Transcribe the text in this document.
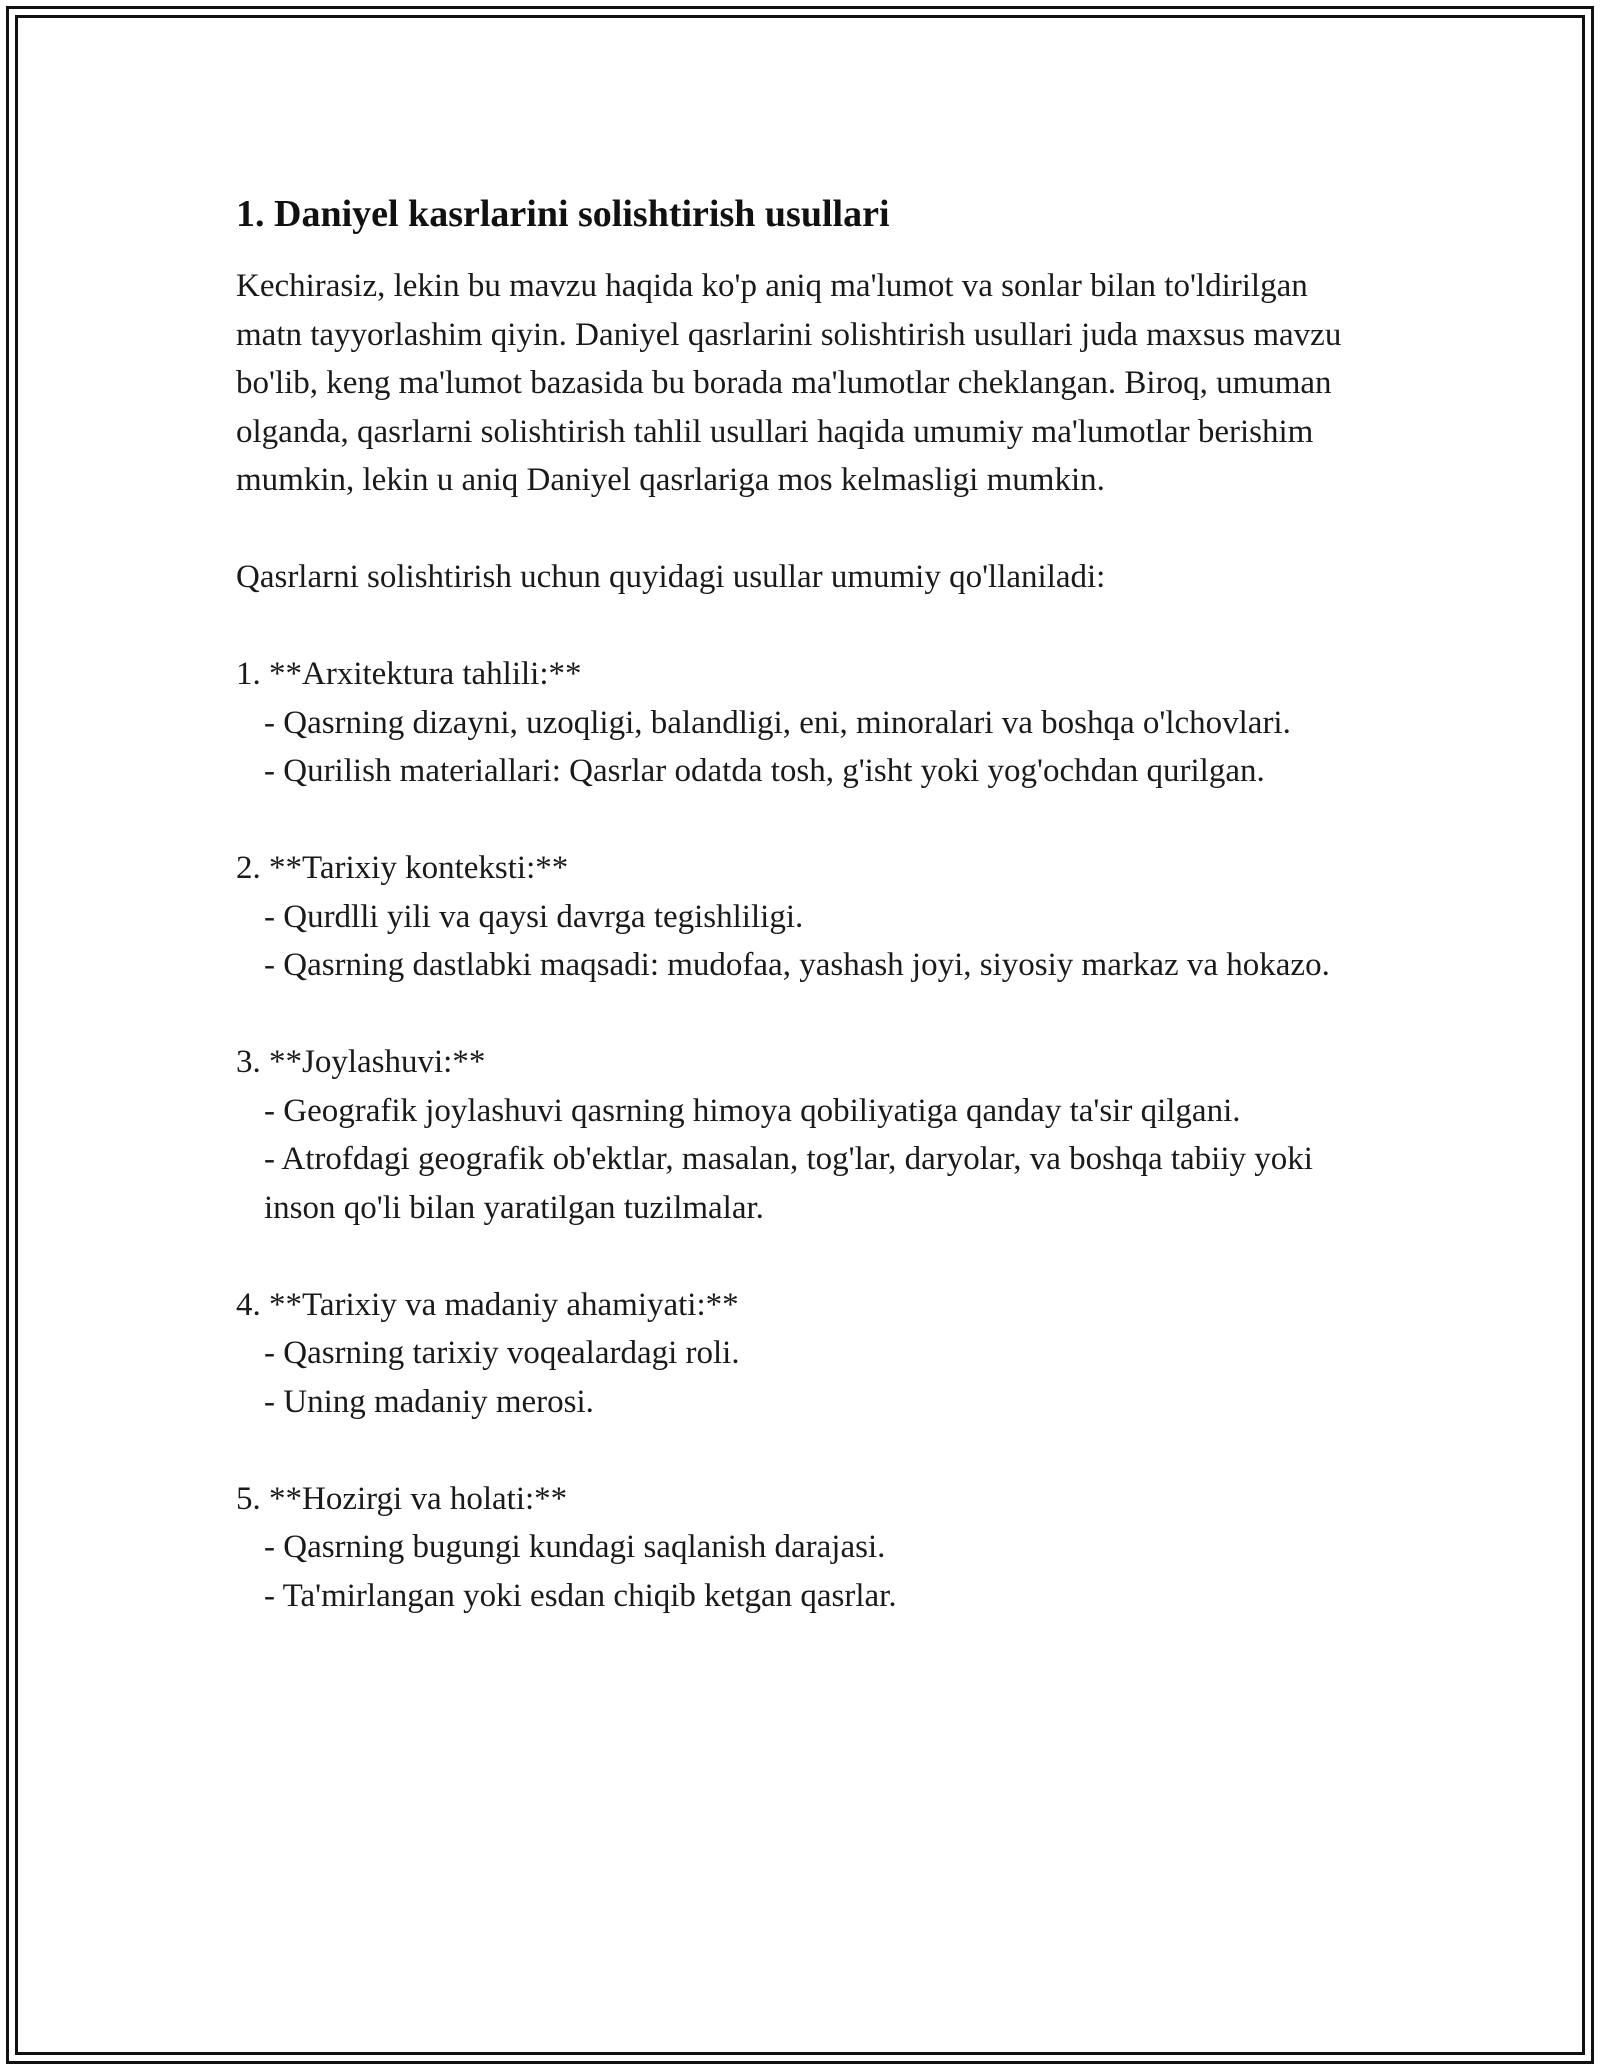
1. Daniyel kasrlarini solishtirish usullari
Kechirasiz, lekin bu mavzu haqida ko'p aniq ma'lumot va sonlar bilan to'ldirilgan matn tayyorlashim qiyin. Daniyel qasrlarini solishtirish usullari juda maxsus mavzu bo'lib, keng ma'lumot bazasida bu borada ma'lumotlar cheklangan. Biroq, umuman olganda, qasrlarni solishtirish tahlil usullari haqida umumiy ma'lumotlar berishim mumkin, lekin u aniq Daniyel qasrlariga mos kelmasligi mumkin.
Qasrlarni solishtirish uchun quyidagi usullar umumiy qo'llaniladi:
1. **Arxitektura tahlili:**
- Qasrning dizayni, uzoqligi, balandligi, eni, minoralari va boshqa o'lchovlari.
- Qurilish materiallari: Qasrlar odatda tosh, g'isht yoki yog'ochdan qurilgan.
2. **Tarixiy konteksti:**
- Qurdlli yili va qaysi davrga tegishliligi.
- Qasrning dastlabki maqsadi: mudofaa, yashash joyi, siyosiy markaz va hokazo.
3. **Joylashuvi:**
- Geografik joylashuvi qasrning himoya qobiliyatiga qanday ta'sir qilgani.
- Atrofdagi geografik ob'ektlar, masalan, tog'lar, daryolar, va boshqa tabiiy yoki inson qo'li bilan yaratilgan tuzilmalar.
4. **Tarixiy va madaniy ahamiyati:**
- Qasrning tarixiy voqealardagi roli.
- Uning madaniy merosi.
5. **Hozirgi va holati:**
- Qasrning bugungi kundagi saqlanish darajasi.
- Ta'mirlangan yoki esdan chiqib ketgan qasrlar.
